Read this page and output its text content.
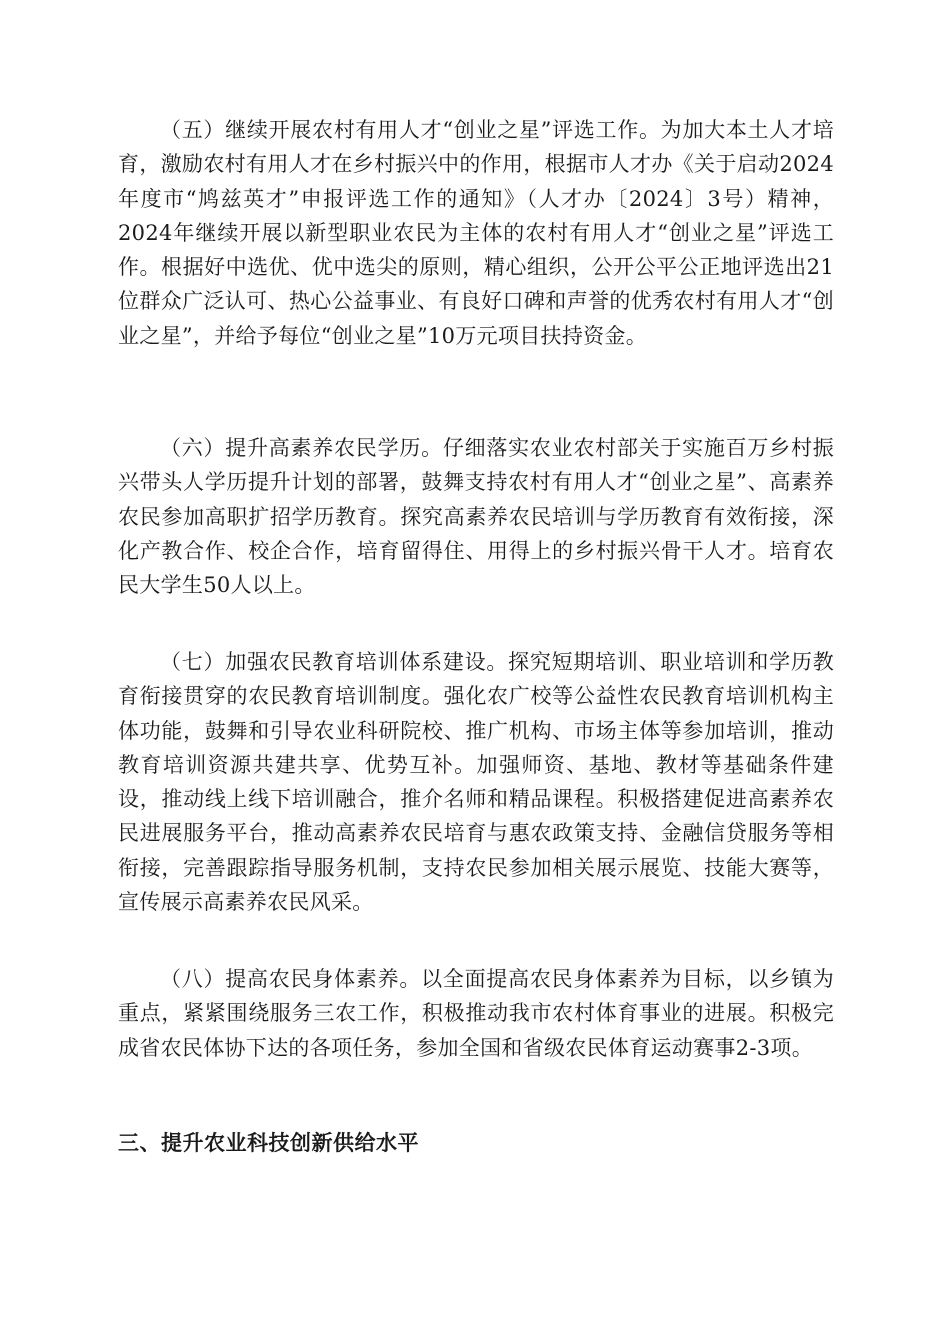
（五）继续开展农村有用人才“创业之星”评选工作。为加大本土人才培育，激励农村有用人才在乡村振兴中的作用，根据市人才办《关于启动2024年度市“鸠兹英才”申报评选工作的通知》（人才办〔2024〕3号）精神，2024年继续开展以新型职业农民为主体的农村有用人才“创业之星”评选工作。根据好中选优、优中选尖的原则，精心组织，公开公平公正地评选出21位群众广泛认可、热心公益事业、有良好口碑和声誉的优秀农村有用人才“创业之星”，并给予每位“创业之星”10万元项目扶持资金。

（六）提升高素养农民学历。仔细落实农业农村部关于实施百万乡村振兴带头人学历提升计划的部署，鼓舞支持农村有用人才“创业之星”、高素养农民参加高职扩招学历教育。探究高素养农民培训与学历教育有效衔接，深化产教合作、校企合作，培育留得住、用得上的乡村振兴骨干人才。培育农民大学生50人以上。

（七）加强农民教育培训体系建设。探究短期培训、职业培训和学历教育衔接贯穿的农民教育培训制度。强化农广校等公益性农民教育培训机构主体功能，鼓舞和引导农业科研院校、推广机构、市场主体等参加培训，推动教育培训资源共建共享、优势互补。加强师资、基地、教材等基础条件建设，推动线上线下培训融合，推介名师和精品课程。积极搭建促进高素养农民进展服务平台，推动高素养农民培育与惠农政策支持、金融信贷服务等相衔接，完善跟踪指导服务机制，支持农民参加相关展示展览、技能大赛等，宣传展示高素养农民风采。

（八）提高农民身体素养。以全面提高农民身体素养为目标，以乡镇为重点，紧紧围绕服务三农工作，积极推动我市农村体育事业的进展。积极完成省农民体协下达的各项任务，参加全国和省级农民体育运动赛事2-3项。

三、提升农业科技创新供给水平
